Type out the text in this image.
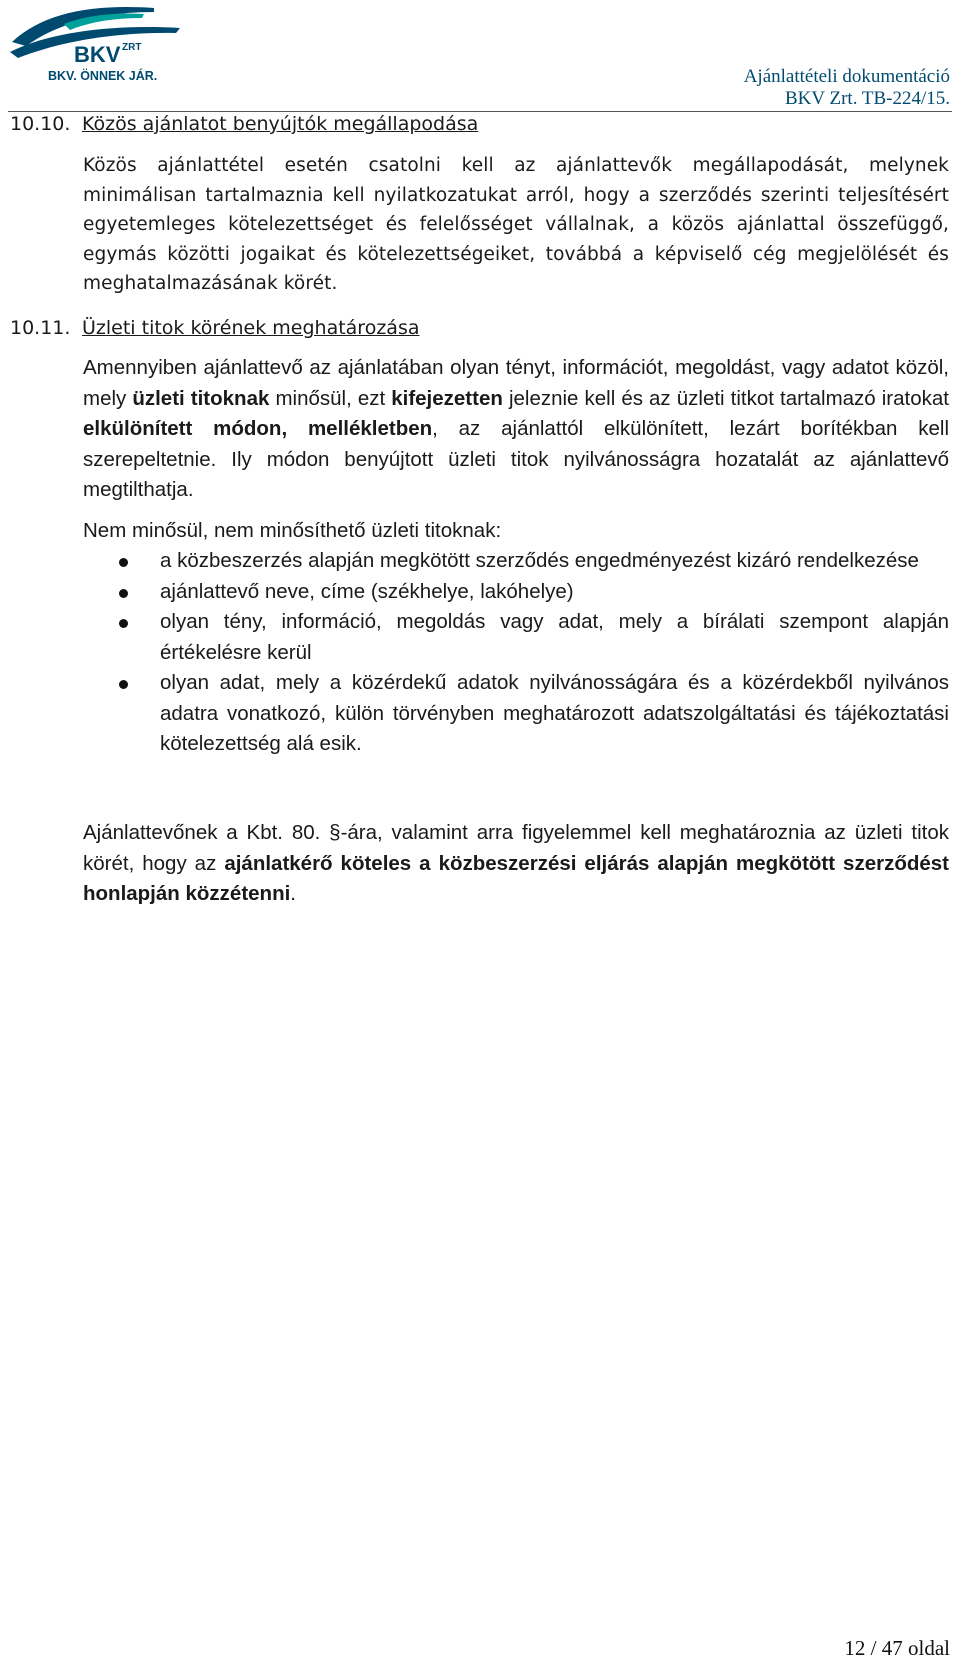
BKV ZRT
BKV. ÖNNEK JÁR.	Ajánlattételi dokumentáció
BKV Zrt. TB-224/15.
10.10. Közös ajánlatot benyújtók megállapodása

Közös ajánlattétel esetén csatolni kell az ajánlattevők megállapodását, melynek minimálisan tartalmaznia kell nyilatkozatukat arról, hogy a szerződés szerinti teljesítésért egyetemleges kötelezettséget és felelősséget vállalnak, a közös ajánlattal összefüggő, egymás közötti jogaikat és kötelezettségeiket, továbbá a képviselő cég megjelölését és meghatalmazásának körét.

10.11. Üzleti titok körének meghatározása

Amennyiben ajánlattevő az ajánlatában olyan tényt, információt, megoldást, vagy adatot közöl, mely üzleti titoknak minősül, ezt kifejezetten jeleznie kell és az üzleti titkot tartalmazó iratokat elkülönített módon, mellékletben, az ajánlattól elkülönített, lezárt borítékban kell szerepeltetnie. Ily módon benyújtott üzleti titok nyilvánosságra hozatalát az ajánlattevő megtilthatja.

Nem minősül, nem minősíthető üzleti titoknak:

a közbeszerzés alapján megkötött szerződés engedményezést kizáró rendelkezése
ajánlattevő neve, címe (székhelye, lakóhelye)
olyan tény, információ, megoldás vagy adat, mely a bírálati szempont alapján értékelésre kerül
olyan adat, mely a közérdekű adatok nyilvánosságára és a közérdekből nyilvános adatra vonatkozó, külön törvényben meghatározott adatszolgáltatási és tájékoztatási kötelezettség alá esik.

Ajánlattevőnek a Kbt. 80. §-ára, valamint arra figyelemmel kell meghatároznia az üzleti titok körét, hogy az ajánlatkérő köteles a közbeszerzési eljárás alapján megkötött szerződést honlapján közzétenni.

12 / 47 oldal
